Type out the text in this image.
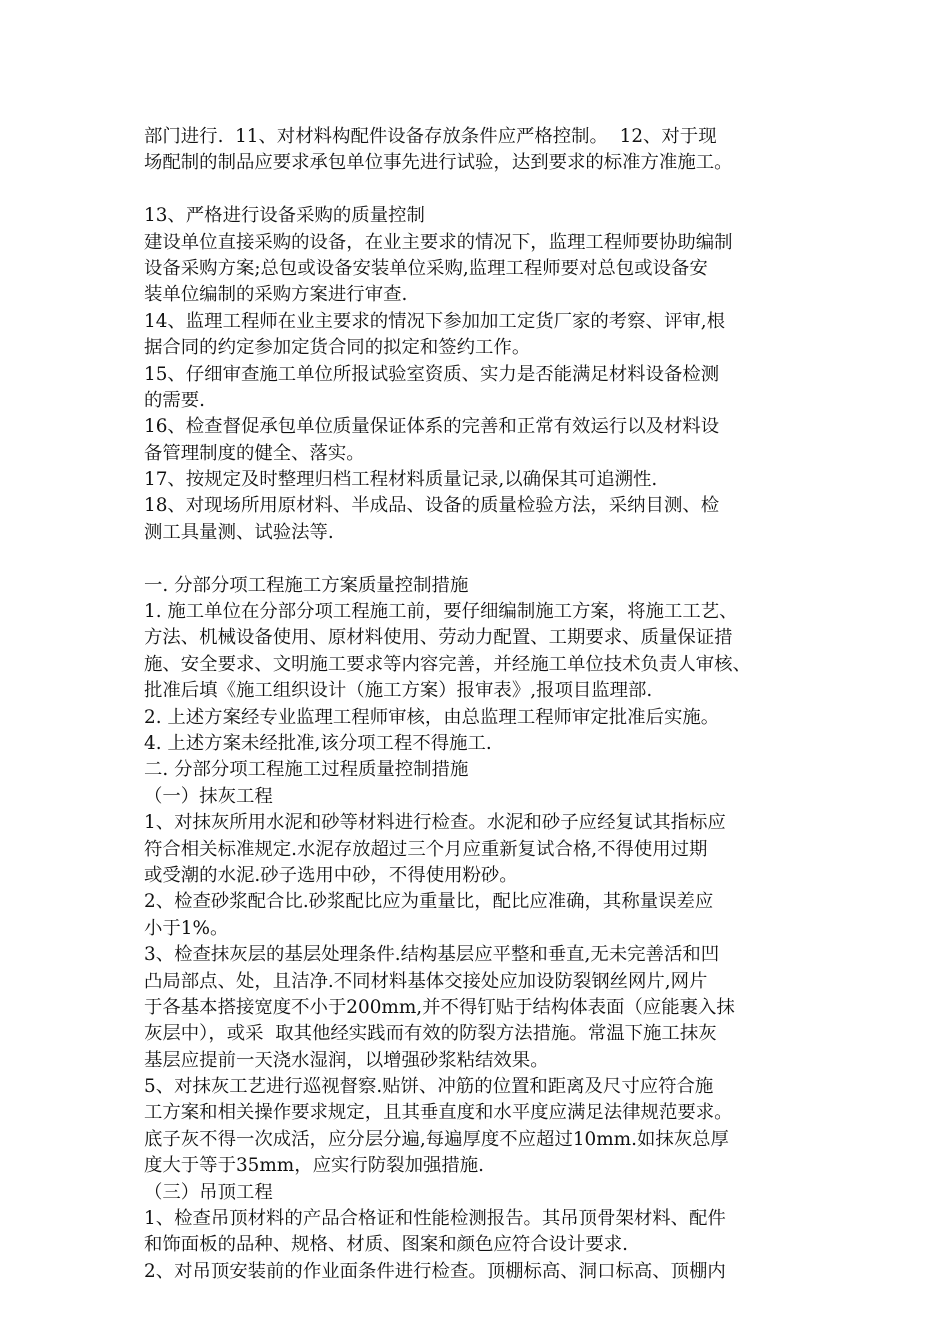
部门进行.  11、对材料构配件设备存放条件应严格控制。  12、对于现
场配制的制品应要求承包单位事先进行试验，达到要求的标准方准施工。
13、严格进行设备采购的质量控制
建设单位直接采购的设备，在业主要求的情况下，监理工程师要协助编制
设备采购方案;总包或设备安装单位采购,监理工程师要对总包或设备安
装单位编制的采购方案进行审查.
14、监理工程师在业主要求的情况下参加加工定货厂家的考察、评审,根
据合同的约定参加定货合同的拟定和签约工作。
15、仔细审查施工单位所报试验室资质、实力是否能满足材料设备检测
的需要.
16、检查督促承包单位质量保证体系的完善和正常有效运行以及材料设
备管理制度的健全、落实。
17、按规定及时整理归档工程材料质量记录,以确保其可追溯性.
18、对现场所用原材料、半成品、设备的质量检验方法，采纳目测、检
测工具量测、试验法等.
一. 分部分项工程施工方案质量控制措施
1. 施工单位在分部分项工程施工前，要仔细编制施工方案，将施工工艺、
方法、机械设备使用、原材料使用、劳动力配置、工期要求、质量保证措
施、安全要求、文明施工要求等内容完善，并经施工单位技术负责人审核、
批准后填《施工组织设计（施工方案）报审表》,报项目监理部.
2. 上述方案经专业监理工程师审核，由总监理工程师审定批准后实施。
4. 上述方案未经批准,该分项工程不得施工.
二. 分部分项工程施工过程质量控制措施
（一）抹灰工程
1、对抹灰所用水泥和砂等材料进行检查。水泥和砂子应经复试其指标应
符合相关标准规定.水泥存放超过三个月应重新复试合格,不得使用过期
或受潮的水泥.砂子选用中砂，不得使用粉砂。
2、检查砂浆配合比.砂浆配比应为重量比，配比应准确，其称量误差应
小于1%。
3、检查抹灰层的基层处理条件.结构基层应平整和垂直,无未完善活和凹
凸局部点、处，且洁净.不同材料基体交接处应加设防裂钢丝网片,网片
于各基本搭接宽度不小于200mm,并不得钉贴于结构体表面（应能裹入抹
灰层中），或采  取其他经实践而有效的防裂方法措施。常温下施工抹灰
基层应提前一天浇水湿润，以增强砂浆粘结效果。
5、对抹灰工艺进行巡视督察.贴饼、冲筋的位置和距离及尺寸应符合施
工方案和相关操作要求规定，且其垂直度和水平度应满足法律规范要求。
底子灰不得一次成活，应分层分遍,每遍厚度不应超过10mm.如抹灰总厚
度大于等于35mm，应实行防裂加强措施.
（三）吊顶工程
1、检查吊顶材料的产品合格证和性能检测报告。其吊顶骨架材料、配件
和饰面板的品种、规格、材质、图案和颜色应符合设计要求.
2、对吊顶安装前的作业面条件进行检查。顶棚标高、洞口标高、顶棚内
